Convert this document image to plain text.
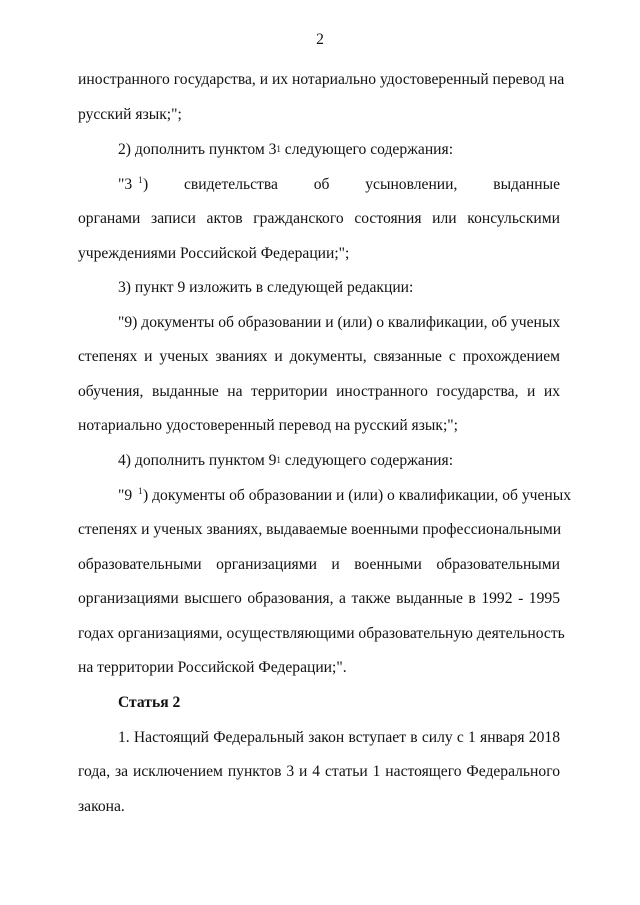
2
иностранного государства, и их нотариально удостоверенный перевод на
русский язык;";
2) дополнить пунктом $3^1$ следующего содержания:
"3 1 ) свидетельства об усыновлении, выданные
органами записи актов гражданского состояния или консульскими
учреждениями Российской Федерации;";
3) пункт 9 изложить в следующей редакции:
"9) документы об образовании и (или) о квалификации, об ученых
степенях и ученых званиях и документы, связанные с прохождением
обучения, выданные на территории иностранного государства, и их
нотариально удостоверенный перевод на русский язык;";
4) дополнить пунктом $9^1$ следующего содержания:
"9 1 ) документы об образовании и (или) о квалификации, об ученых
степенях и ученых званиях, выдаваемые военными профессиональными
образовательными организациями и военными образовательными
организациями высшего образования, а также выданные в 1992 - 1995
годах организациями, осуществляющими образовательную деятельность
на территории Российской Федерации;".
Статья 2
1. Настоящий Федеральный закон вступает в силу с 1 января 2018
года, за исключением пунктов 3 и 4 статьи 1 настоящего Федерального
закона.
